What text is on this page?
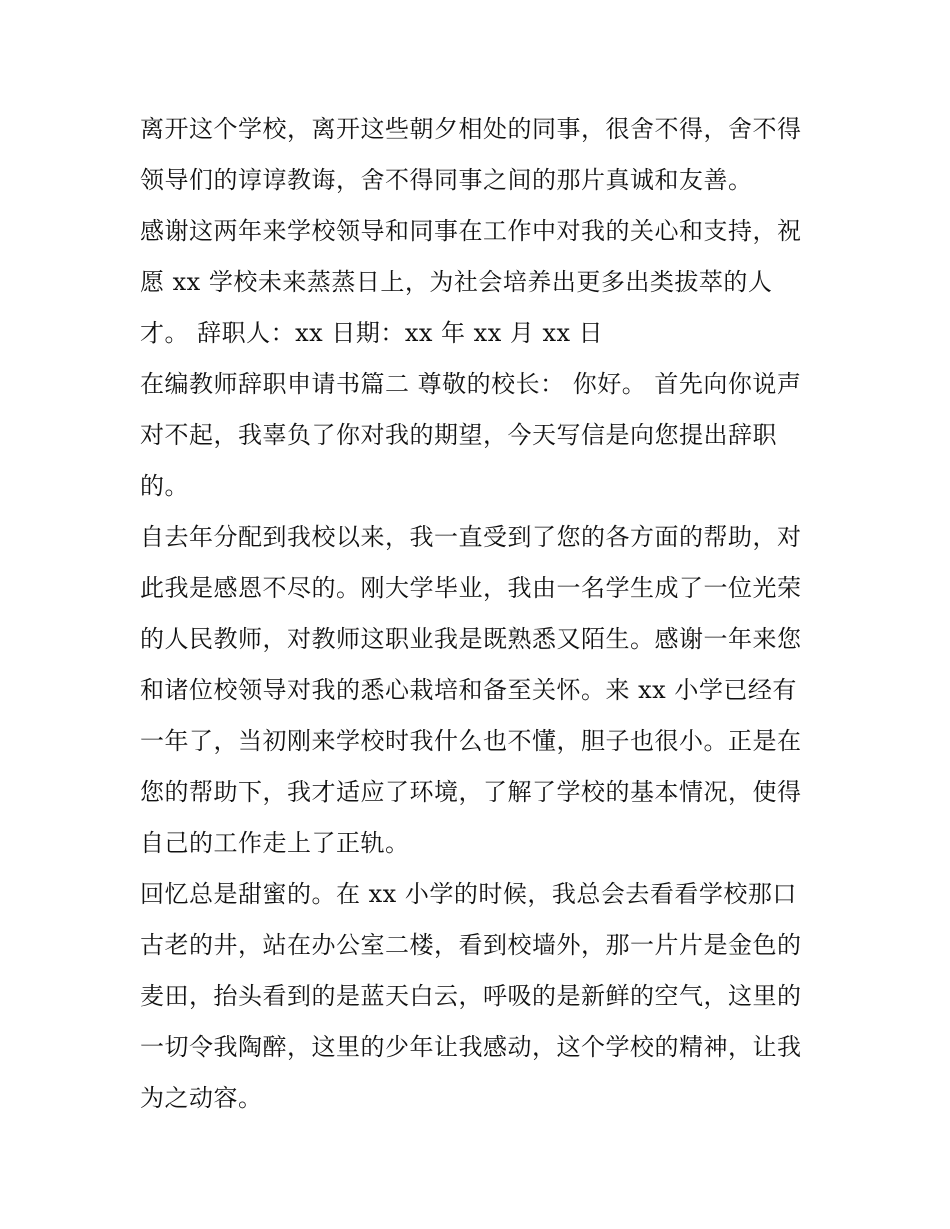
离开这个学校，离开这些朝夕相处的同事，很舍不得，舍不得
领导们的谆谆教诲，舍不得同事之间的那片真诚和友善。
感谢这两年来学校领导和同事在工作中对我的关心和支持，祝
愿 xx 学校未来蒸蒸日上，为社会培养出更多出类拔萃的人
才。 辞职人：xx 日期：xx 年 xx 月 xx 日
在编教师辞职申请书篇二 尊敬的校长： 你好。 首先向你说声
对不起，我辜负了你对我的期望，今天写信是向您提出辞职
的。
自去年分配到我校以来，我一直受到了您的各方面的帮助，对
此我是感恩不尽的。刚大学毕业，我由一名学生成了一位光荣
的人民教师，对教师这职业我是既熟悉又陌生。感谢一年来您
和诸位校领导对我的悉心栽培和备至关怀。来 xx 小学已经有
一年了，当初刚来学校时我什么也不懂，胆子也很小。正是在
您的帮助下，我才适应了环境，了解了学校的基本情况，使得
自己的工作走上了正轨。
回忆总是甜蜜的。在 xx 小学的时候，我总会去看看学校那口
古老的井，站在办公室二楼，看到校墙外，那一片片是金色的
麦田，抬头看到的是蓝天白云，呼吸的是新鲜的空气，这里的
一切令我陶醉，这里的少年让我感动，这个学校的精神，让我
为之动容。
